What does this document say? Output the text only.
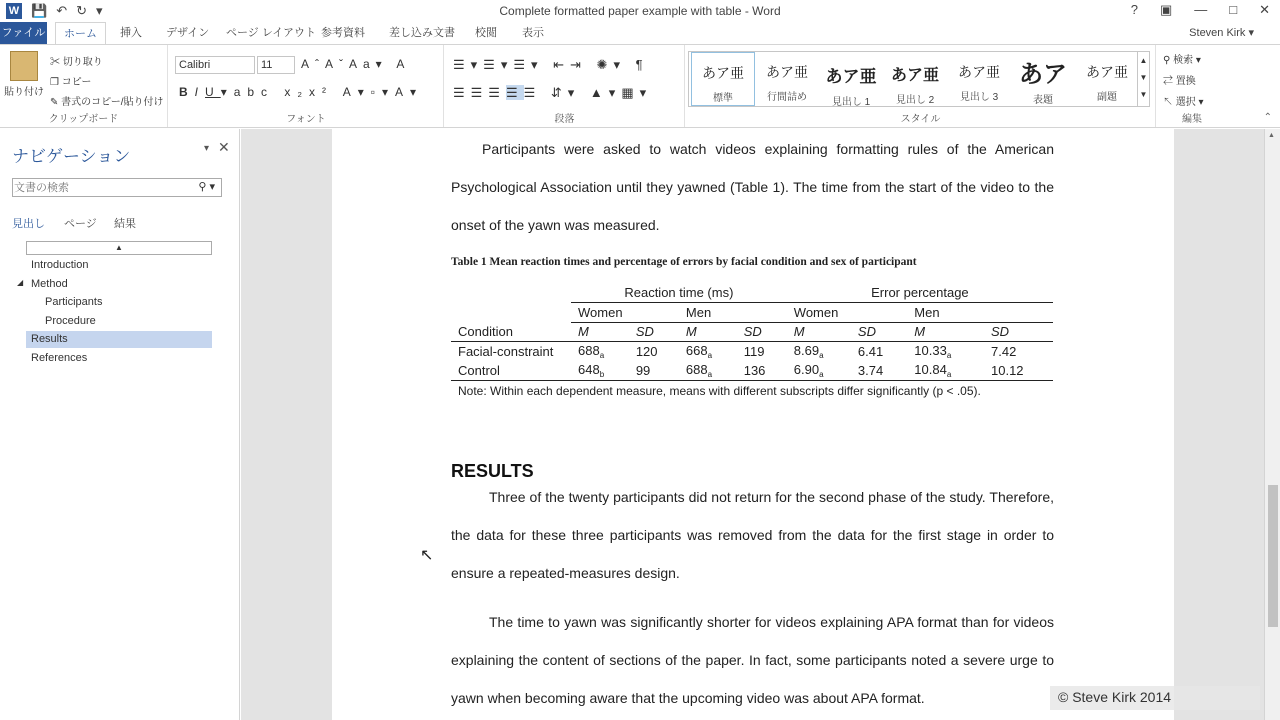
W 💾 ↶ ↻ ▾	Complete formatted paper example with table - Word	? ▣ — □ ✕
ファイル	ホーム	挿入	デザイン	ページ レイアウト 参考資料	差し込み文書	校閲	表示	Steven Kirk ▾
貼り付け
✂ 切り取り
❐ コピー
✎ 書式のコピー/貼り付け
クリップボード
Calibri	11	AˆAˇAa▾ A
BIU▾abc x₂x² A▾▫▾A▾
フォント
☰▾☰▾☰▾ ⇤⇥ ✺▾ ¶
☰☰☰☰☰ ⇵▾ ▲▾▦▾
段落	スタイル
あア亜
標準
あア亜
行間詰め
あア亜
見出し 1
あア亜
見出し 2
あア亜
見出し 3
あア
表題
あア亜
副題
▲
▼
▼
⚲ 検索 ▾
⇄ 置換
↖ 選択 ▾
編集	⌃
ナビゲーション	▾ ✕
文書の検索
⚲ ▾
見出し ページ 結果
▲
Introduction
◢ Method
Participants
Procedure
Results
References
Participants were asked to watch videos explaining formatting rules of the American Psychological Association until they yawned (Table 1). The time from the start of the video to the onset of the yawn was measured.
Table 1 Mean reaction times and percentage of errors by facial condition and sex of participant
	Reaction time (ms)				Error percentage			
	Women		Men		Women		Men	
Condition	M	SD	M	SD	M	SD	M	SD
Facial-constraint	$688_a$	120	$668_a$	119	$8.69_a$	6.41	$10.33_a$	7.42
Control	$648_b$	99	$688_a$	136	$6.90_a$	3.74	$10.84_a$	10.12
Note: Within each dependent measure, means with different subscripts differ significantly (p < .05).
RESULTS
Three of the twenty participants did not return for the second phase of the study. Therefore, the data for these three participants was removed from the data for the first stage in order to ensure a repeated-measures design.
The time to yawn was significantly shorter for videos explaining APA format than for videos explaining the content of sections of the paper. In fact, some participants noted a severe urge to yawn when becoming aware that the upcoming video was about APA format.
↖
© Steve Kirk 2014
▲
